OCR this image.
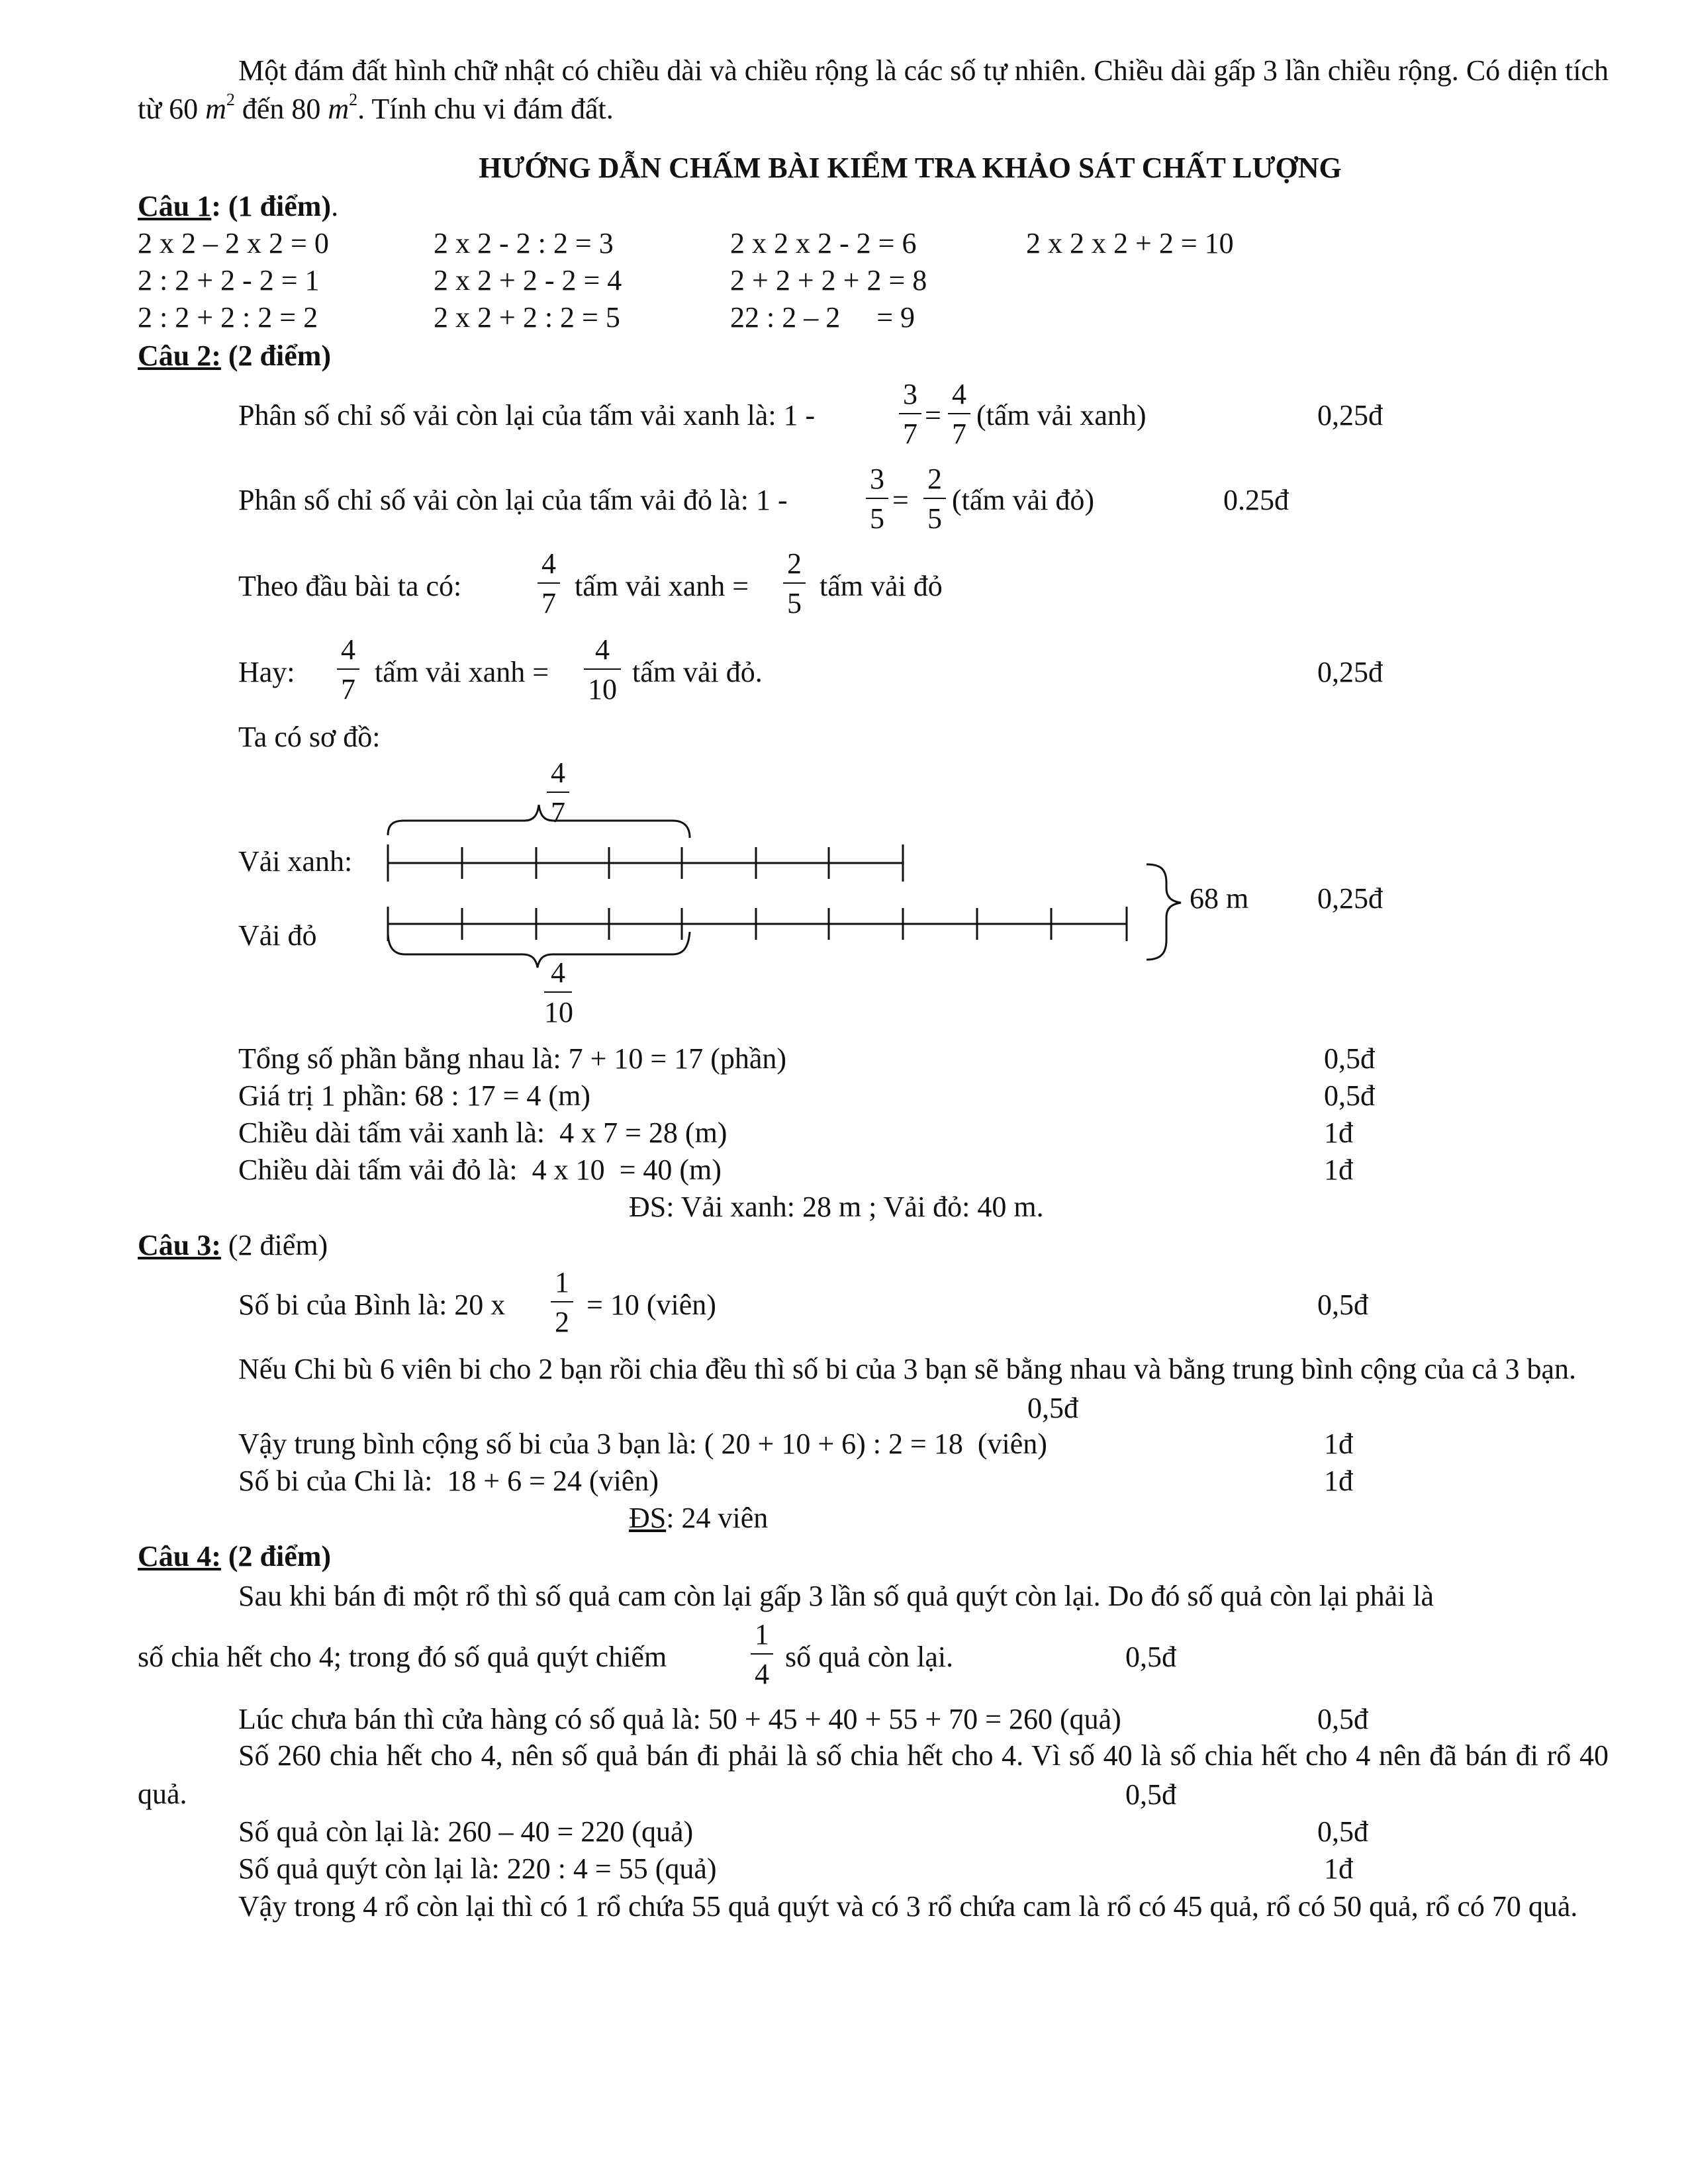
Một đám đất hình chữ nhật có chiều dài và chiều rộng là các số tự nhiên. Chiều dài gấp 3 lần chiều rộng. Có diện tích từ 60 $m^2$ đến 80 $m^2$. Tính chu vi đám đất.
HƯỚNG DẪN CHẤM BÀI KIỂM TRA KHẢO SÁT CHẤT LƯỢNG
Câu 1: (1 điểm).
2 x 2 – 2 x 2 = 0	2 x 2 - 2 : 2 = 3	2 x 2 x 2 - 2 = 6	2 x 2 x 2 + 2 = 10
2 : 2 + 2 - 2 = 1	2 x 2 + 2 - 2 = 4	2 + 2 + 2 + 2 = 8
2 : 2 + 2 : 2 = 2	2 x 2 + 2 : 2 = 5	22 : 2 – 2     = 9
Câu 2: (2 điểm)
Phân số chỉ số vải còn lại của tấm vải xanh là: 1 -
3
7
=
4
7
(tấm vải xanh)	0,25đ
Phân số chỉ số vải còn lại của tấm vải đỏ là: 1 -
3
5
=
2
5
(tấm vải đỏ)	0.25đ
Theo đầu bài ta có:
4
7
tấm vải xanh =
2
5
tấm vải đỏ
Hay:
4
7
tấm vải xanh =
4
10
tấm vải đỏ.	0,25đ
Ta có sơ đồ:
4
7
Vải xanh:
Vải đỏ
68 m 0,25đ
4
10
Tổng số phần bằng nhau là: 7 + 10 = 17 (phần)	0,5đ
Giá trị 1 phần: 68 : 17 = 4 (m)	0,5đ
Chiều dài tấm vải xanh là:  4 x 7 = 28 (m)	1đ
Chiều dài tấm vải đỏ là:  4 x 10  = 40 (m)	1đ
ĐS: Vải xanh: 28 m ; Vải đỏ: 40 m.
Câu 3: (2 điểm)
Số bi của Bình là: 20 x
1
2
= 10 (viên)	0,5đ
Nếu Chi bù 6 viên bi cho 2 bạn rồi chia đều thì số bi của 3 bạn sẽ bằng nhau và bằng trung bình cộng của cả 3 bạn.
0,5đ
Vậy trung bình cộng số bi của 3 bạn là: ( 20 + 10 + 6) : 2 = 18  (viên)	1đ
Số bi của Chi là:  18 + 6 = 24 (viên)	1đ
ĐS: 24 viên
Câu 4: (2 điểm)
Sau khi bán đi một rổ thì số quả cam còn lại gấp 3 lần số quả quýt còn lại. Do đó số quả còn lại phải là
số chia hết cho 4; trong đó số quả quýt chiếm
1
4
số quả còn lại.	0,5đ
Lúc chưa bán thì cửa hàng có số quả là: 50 + 45 + 40 + 55 + 70 = 260 (quả)	0,5đ
Số 260 chia hết cho 4, nên số quả bán đi phải là số chia hết cho 4. Vì số 40 là số chia hết cho 4 nên đã bán đi rổ 40 quả.	0,5đ
Số quả còn lại là: 260 – 40 = 220 (quả)	0,5đ
Số quả quýt còn lại là: 220 : 4 = 55 (quả)	1đ
Vậy trong 4 rổ còn lại thì có 1 rổ chứa 55 quả quýt và có 3 rổ chứa cam là rổ có 45 quả, rổ có 50 quả, rổ có 70 quả.
